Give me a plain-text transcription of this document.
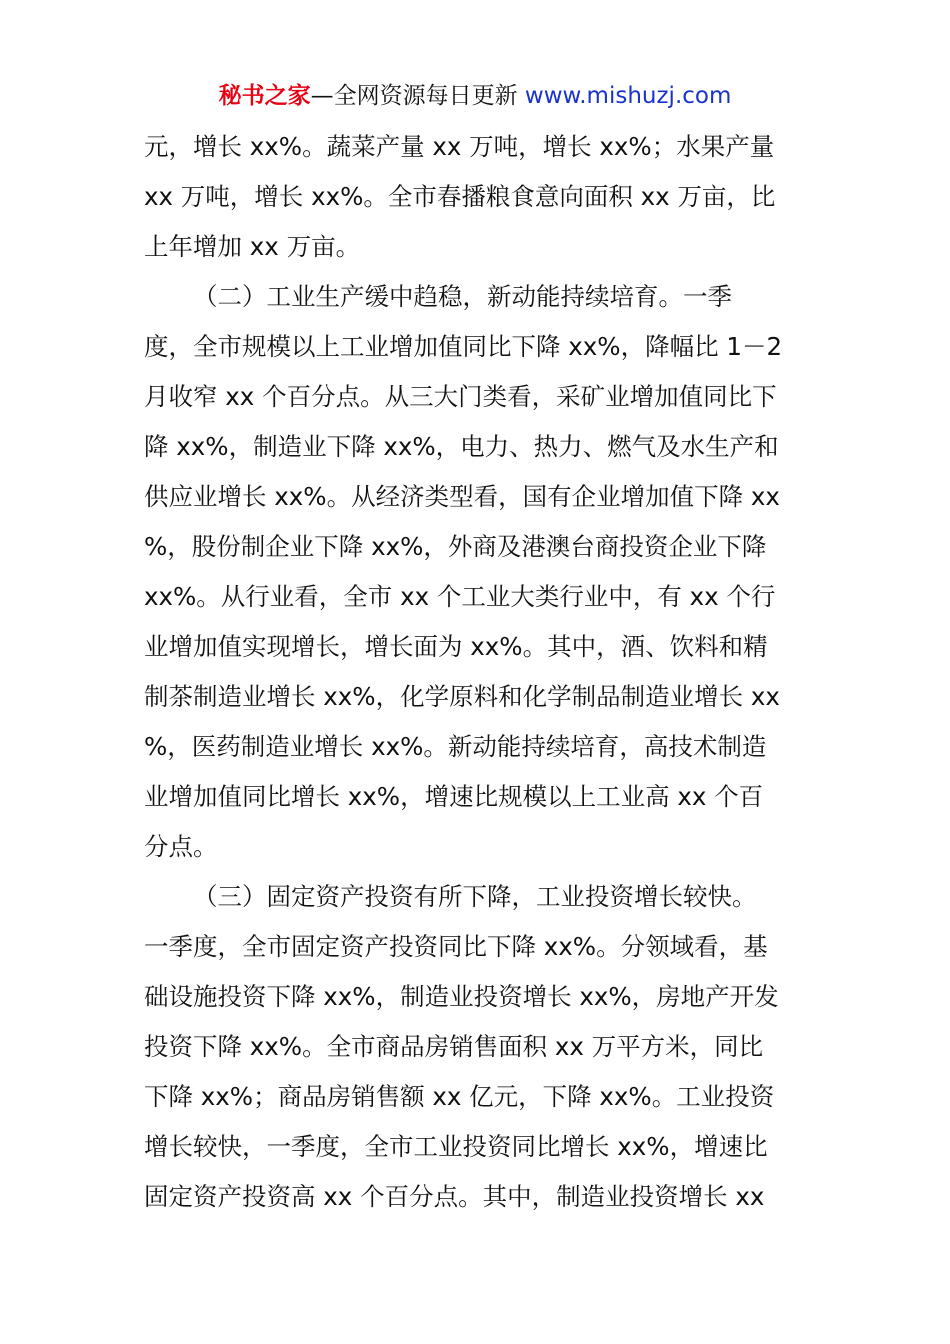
秘书之家—全网资源每日更新 www.mishuzj.com
元，增长 xx%。蔬菜产量 xx 万吨，增长 xx%；水果产量
xx 万吨，增长 xx%。全市春播粮食意向面积 xx 万亩，比
上年增加 xx 万亩。
（二）工业生产缓中趋稳，新动能持续培育。一季
度，全市规模以上工业增加值同比下降 xx%，降幅比 1－2
月收窄 xx 个百分点。从三大门类看，采矿业增加值同比下
降 xx%，制造业下降 xx%，电力、热力、燃气及水生产和
供应业增长 xx%。从经济类型看，国有企业增加值下降 xx
%，股份制企业下降 xx%，外商及港澳台商投资企业下降
xx%。从行业看，全市 xx 个工业大类行业中，有 xx 个行
业增加值实现增长，增长面为 xx%。其中，酒、饮料和精
制茶制造业增长 xx%，化学原料和化学制品制造业增长 xx
%，医药制造业增长 xx%。新动能持续培育，高技术制造
业增加值同比增长 xx%，增速比规模以上工业高 xx 个百
分点。
（三）固定资产投资有所下降，工业投资增长较快。
一季度，全市固定资产投资同比下降 xx%。分领域看，基
础设施投资下降 xx%，制造业投资增长 xx%，房地产开发
投资下降 xx%。全市商品房销售面积 xx 万平方米，同比
下降 xx%；商品房销售额 xx 亿元，下降 xx%。工业投资
增长较快，一季度，全市工业投资同比增长 xx%，增速比
固定资产投资高 xx 个百分点。其中，制造业投资增长 xx
